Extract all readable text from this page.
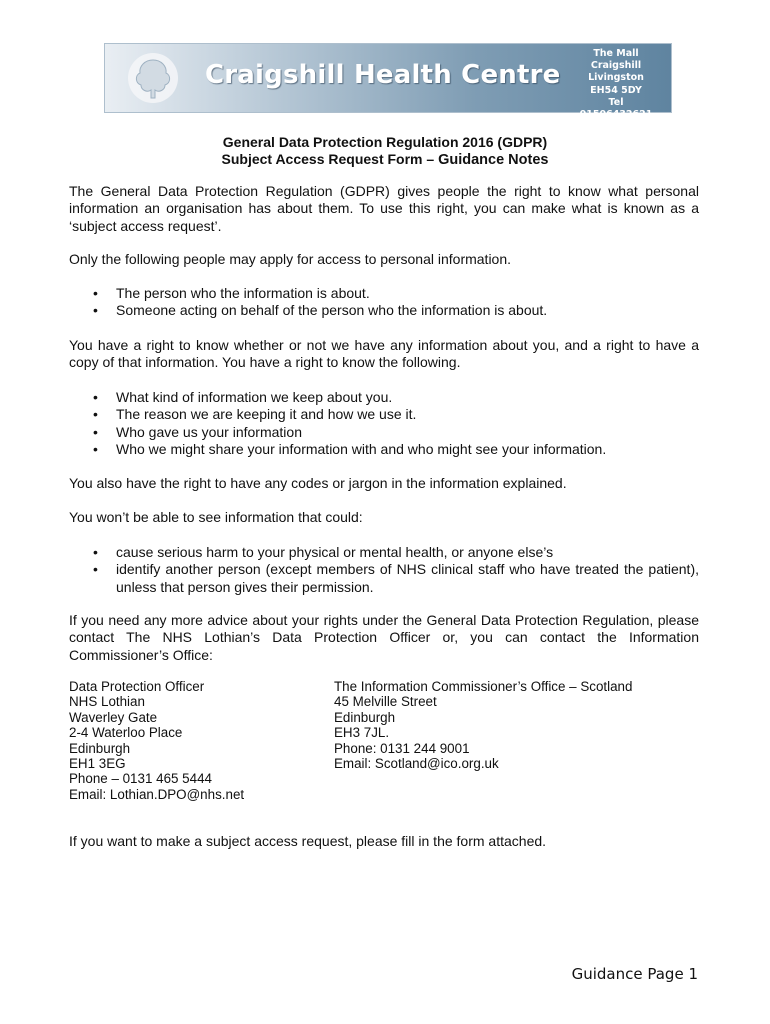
Craigshill Health Centre
The Mall
Craigshill
Livingston
EH54 5DY
Tel 01506432621
General Data Protection Regulation 2016 (GDPR)
Subject Access Request Form – Guidance Notes

The General Data Protection Regulation (GDPR) gives people the right to know what personal information an organisation has about them. To use this right, you can make what is known as a ‘subject access request’.

Only the following people may apply for access to personal information.

•	The person who the information is about.
•	Someone acting on behalf of the person who the information is about.

You have a right to know whether or not we have any information about you, and a right to have a copy of that information. You have a right to know the following.

•	What kind of information we keep about you.
•	The reason we are keeping it and how we use it.
•	Who gave us your information
•	Who we might share your information with and who might see your information.

You also have the right to have any codes or jargon in the information explained.

You won’t be able to see information that could:

•	cause serious harm to your physical or mental health, or anyone else’s
•	identify another person (except members of NHS clinical staff who have treated the patient), unless that person gives their permission.

If you need any more advice about your rights under the General Data Protection Regulation, please contact The NHS Lothian’s Data Protection Officer or, you can contact the Information Commissioner’s Office:

Data Protection Officer
NHS Lothian
Waverley Gate
2-4 Waterloo Place
Edinburgh
EH1 3EG
Phone – 0131 465 5444
Email: Lothian.DPO@nhs.net
The Information Commissioner’s Office – Scotland
45 Melville Street
Edinburgh
EH3 7JL.
Phone: 0131 244 9001
Email: Scotland@ico.org.uk

If you want to make a subject access request, please fill in the form attached.

Guidance Page 1
